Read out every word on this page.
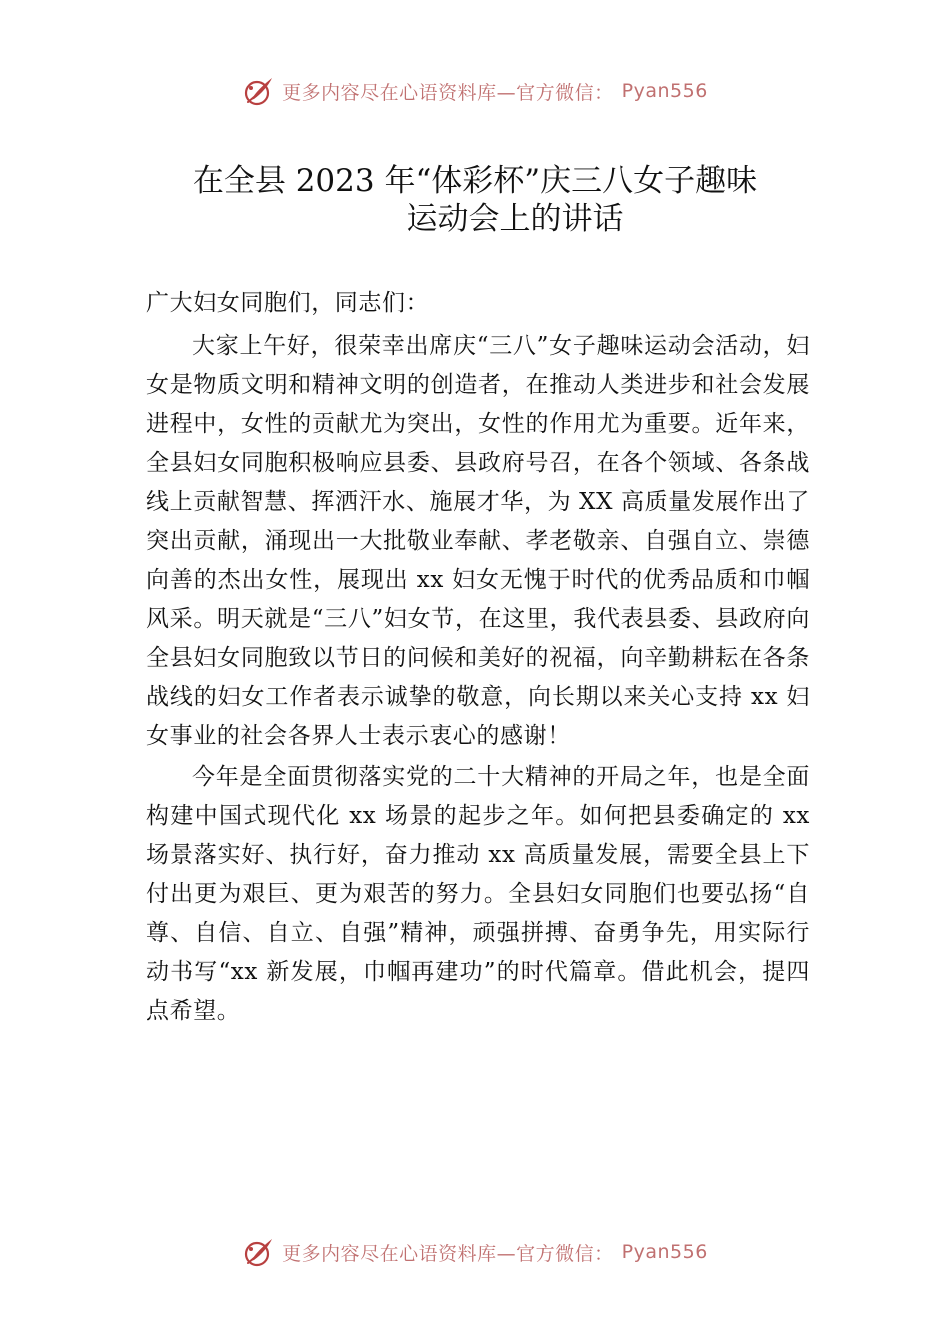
更多内容尽在心语资料库—官方微信： Pyan556
在全县 2023 年“体彩杯”庆三八女子趣味
运动会上的讲话

广大妇女同胞们，同志们：

大家上午好，很荣幸出席庆“三八”女子趣味运动会活动，妇女是物质文明和精神文明的创造者，在推动人类进步和社会发展进程中，女性的贡献尤为突出，女性的作用尤为重要。近年来，全县妇女同胞积极响应县委、县政府号召，在各个领域、各条战线上贡献智慧、挥洒汗水、施展才华，为 XX 高质量发展作出了突出贡献，涌现出一大批敬业奉献、孝老敬亲、自强自立、崇德向善的杰出女性，展现出 xx 妇女无愧于时代的优秀品质和巾帼风采。明天就是“三八”妇女节，在这里，我代表县委、县政府向全县妇女同胞致以节日的问候和美好的祝福，向辛勤耕耘在各条战线的妇女工作者表示诚挚的敬意，向长期以来关心支持 xx 妇女事业的社会各界人士表示衷心的感谢！

今年是全面贯彻落实党的二十大精神的开局之年，也是全面构建中国式现代化 xx 场景的起步之年。如何把县委确定的 xx 场景落实好、执行好，奋力推动 xx 高质量发展，需要全县上下付出更为艰巨、更为艰苦的努力。全县妇女同胞们也要弘扬“自尊、自信、自立、自强”精神，顽强拼搏、奋勇争先，用实际行动书写“xx 新发展，巾帼再建功”的时代篇章。借此机会，提四点希望。

更多内容尽在心语资料库—官方微信： Pyan556
